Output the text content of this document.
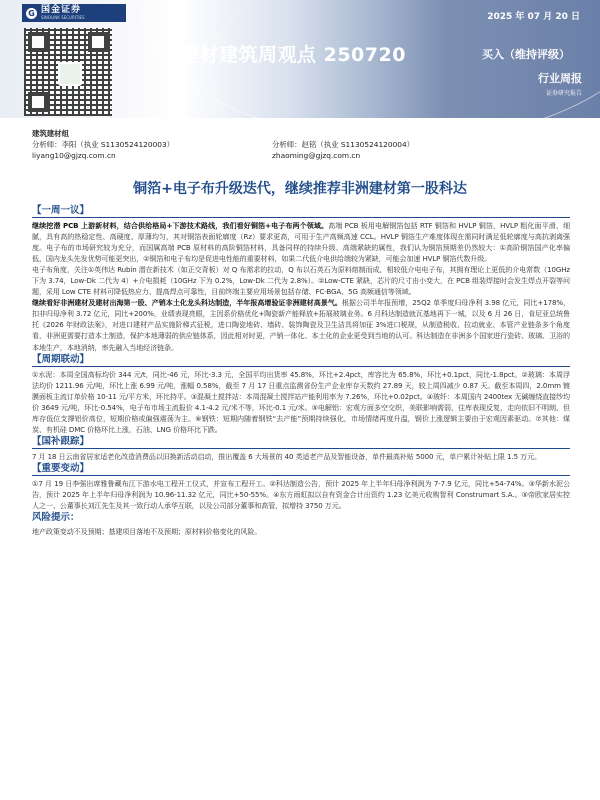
G 国金证券
SINOLINK SECURITIES	2025 年 07 月 20 日
建材建筑周观点 250720	买入（维持评级）
行业周报
证券研究报告
建筑建材组
分析师：李阳（执业 S1130524120003）	分析师：赵铭（执业 S1130524120004）
liyang10@gjzq.com.cn	zhaoming@gjzq.com.cn
铜箔+电子布升级迭代，继续推荐非洲建材第一股科达
【一周一议】

继续挖潜 PCB 上游新材料，结合供给格局+下游技术路线，我们看好铜箔+电子布两个领域。高端 PCB 板用电解铜箔包括 RTF 铜箔和 HVLP 铜箔，HVLP 粗化面平滑、细腻，具有高的热稳定性、高硬度、厚薄均匀，其对铜箔表面轮廓度（Rz）要求更高，可用于生产高频高速 CCL。HVLP 铜箔生产难度体现在需同时满足低轮廓度与高抗剥离强度。电子布的市场研究较为充分，而国属高端 PCB 原材料的高阶铜箔材料，具备同样的持续升级、高端紧缺的属性，我们认为铜箔预期差仍然较大：①高阶铜箔国产化率偏低，国内龙头先发优势可能更突出，②铜箔和电子布均是促进电性能的重要材料，如果二代低介电供给端较为紧缺，可能会加速 HVLP 铜箔代数升级。

电子布角度，关注①英伟达 Rubin 潜在新技术（如正交背板）对 Q 布需求的拉动，Q 布以石英石为原料熔制而成，相较低介电电子布，其拥有理论上更低的介电常数（10GHz 下为 3.74，Low-Dk 二代为 4）+介电损耗（10GHz 下为 0.2%，Low-Dk 二代为 2.8%）。②Low-CTE 紧缺，芯片的尺寸由小变大，在 PCB 组装焊接时会发生焊点开裂等问题，采用 Low CTE 材料可降低热应力、提高焊点可靠性，目前终端主要应用场景包括存储、FC-BGA、5G 高频通信等领域。

继续看好非洲建材及建材出海第一股、产销本土化龙头科达制造，半年报高增验证非洲建材高景气。根据公司半年报预增，25Q2 单季度归母净利 3.98 亿元，同比+178%，扣非归母净利 3.72 亿元，同比+200%，业绩表现亮眼，主因系价格优化+陶瓷新产能释放+拓展玻璃业务。6 月科达制造就瓦基地再下一城，以及 6 月 26 日，肯尼亚总统鲁托《2026 年财政法案》，对进口建材产品实施阶梯式征税，进口陶瓷地砖、墙砖、装饰陶瓷及卫生洁具将加征 3%进口税规，从制造税收、拉动就业、本管产业链条多个角度看，非洲更需要打造本土制造，保护本地薄弱的供应链体系，因此相对时更，产销一体化、本土化的企业更受到当地的认可。科达制造在非洲多个国家进行瓷砖、玻璃、卫浴的本地生产，本地消纳，率先融入当地经济链条。

【周期联动】

①水泥：本周全国高标均价 344 元/t，同比-46 元，环比-3.3 元，全国平均出货率 45.8%，环比+2.4pct，库容比为 65.8%，环比+0.1pct，同比-1.8pct。②玻璃：本周浮法均价 1211.96 元/吨，环比上涨 6.99 元/吨，涨幅 0.58%，截至 7 月 17 日重点监测省份生产企业库存天数约 27.89 天，较上周四减少 0.87 天。截至本周四，2.0mm 镀膜面板主流订单价格 10-11 元/平方米，环比持平。③混凝土搅拌站：本周混凝土搅拌站产能利用率为 7.26%，环比+0.02pct。④玻纤：本周国内 2400tex 无碱缠绕直接纱均价 3649 元/吨，环比-0.54%，电子布市场主流报价 4.1-4.2 元/米不等，环比-0.1 元/米。⑤电解铝：宏观方面多空交织，美联影响需弱，往库表现反复，走向依旧不明朗，但库存低位支撑铝价高位，短期价格或偏强震荡为主。⑥钢铁：短期内随着钢铁“去产能”预期持续强化，市场情绪再度升温，钢价上涨逻辑主要由于宏观因素驱动。⑦其他：煤炭、有机硅 DMC 价格环比上涨，石油、LNG 价格环比下跌。

【国补跟踪】

7 月 18 日云南省居家适老化改造消费品以旧换新活动启动，推出覆盖 6 大场景的 40 类适老产品及智能设备，单件最高补贴 5000 元，单户累计补贴上限 1.5 万元。

【重要变动】

①7 月 19 日李强出席雅鲁藏布江下游水电工程开工仪式，并宣布工程开工。②科达制造公告，预计 2025 年上半年归母净利润为 7-7.9 亿元，同比+54-74%。③华新水泥公告，预计 2025 年上半年归母净利润为 10.96-11.32 亿元，同比+50-55%。④东方雨虹拟以自有资金合计出资约 1.23 亿美元收购智利 Construmart S.A.。⑤帝欧家居实控人之一、公董事长刘江先生及其一致行动人承华互联，以及公司部分董事和高管，拟增持 3750 万元。

风险提示：

地产政策变动不及预期；基建项目落地不及预期；原材料价格变化的风险。
